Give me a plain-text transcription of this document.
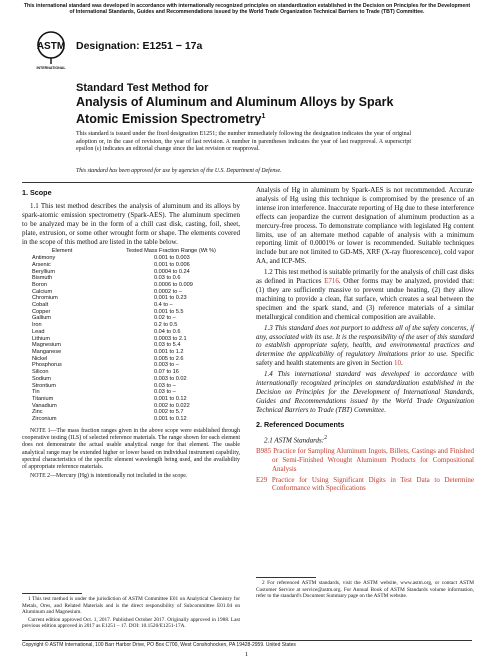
This international standard was developed in accordance with internationally recognized principles on standardization established in the Decision on Principles for the Development of International Standards, Guides and Recommendations issued by the World Trade Organization Technical Barriers to Trade (TBT) Committee.
ASTM
INTERNATIONAL
Designation: E1251 − 17a
Standard Test Method for
Analysis of Aluminum and Aluminum Alloys by Spark Atomic Emission Spectrometry$^1$
This standard is issued under the fixed designation E1251; the number immediately following the designation indicates the year of original adoption or, in the case of revision, the year of last revision. A number in parentheses indicates the year of last reapproval. A superscript epsilon (ε) indicates an editorial change since the last revision or reapproval.
This standard has been approved for use by agencies of the U.S. Department of Defense.
1. Scope

1.1 This test method describes the analysis of aluminum and its alloys by spark-atomic emission spectrometry (Spark-AES). The aluminum specimen to be analyzed may be in the form of a chill cast disk, casting, foil, sheet, plate, extrusion, or some other wrought form or shape. The elements covered in the scope of this method are listed in the table below.

Element	Tested Mass Fraction Range (Wt %)
Antimony	0.001 to 0.003
Arsenic	0.001 to 0.006
Beryllium	0.0004 to 0.24
Bismuth	0.03 to 0.6
Boron	0.0006 to 0.009
Calcium	0.0002 to –
Chromium	0.001 to 0.23
Cobalt	0.4 to –
Copper	0.001 to 5.5
Gallium	0.02 to –
Iron	0.2 to 0.5
Lead	0.04 to 0.6
Lithium	0.0003 to 2.1
Magnesium	0.03 to 5.4
Manganese	0.001 to 1.2
Nickel	0.005 to 2.6
Phosphorus	0.003 to –
Silicon	0.07 to 16
Sodium	0.003 to 0.02
Strontium	0.03 to –
Tin	0.03 to –
Titanium	0.001 to 0.12
Vanadium	0.002 to 0.022
Zinc	0.002 to 5.7
Zirconium	0.001 to 0.12

NOTE 1—The mass fraction ranges given in the above scope were established through cooperative testing (ILS) of selected reference materials. The range shown for each element does not demonstrate the actual usable analytical range for that element. The usable analytical range may be extended higher or lower based on individual instrument capability, spectral characteristics of the specific element wavelength being used, and the availability of appropriate reference materials.

NOTE 2—Mercury (Hg) is intentionally not included in the scope.

Analysis of Hg in aluminum by Spark-AES is not recommended. Accurate analysis of Hg using this technique is compromised by the presence of an intense iron interference. Inaccurate reporting of Hg due to these interference effects can jeopardize the current designation of aluminum production as a mercury-free process. To demonstrate compliance with legislated Hg content limits, use of an alternate method capable of analysis with a minimum reporting limit of 0.0001% or lower is recommended. Suitable techniques include but are not limited to GD-MS, XRF (X-ray fluorescence), cold vapor AA, and ICP-MS.

1.2 This test method is suitable primarily for the analysis of chill cast disks as defined in Practices E716. Other forms may be analyzed, provided that: (1) they are sufficiently massive to prevent undue heating, (2) they allow machining to provide a clean, flat surface, which creates a seal between the specimen and the spark stand, and (3) reference materials of a similar metallurgical condition and chemical composition are available.

1.3 This standard does not purport to address all of the safety concerns, if any, associated with its use. It is the responsibility of the user of this standard to establish appropriate safety, health, and environmental practices and determine the applicability of regulatory limitations prior to use. Specific safety and health statements are given in Section 10.

1.4 This international standard was developed in accordance with internationally recognized principles on standardization established in the Decision on Principles for the Development of International Standards, Guides and Recommendations issued by the World Trade Organization Technical Barriers to Trade (TBT) Committee.

2. Referenced Documents

2.1 ASTM Standards:$^2$

B985 Practice for Sampling Aluminum Ingots, Billets, Castings and Finished or Semi-Finished Wrought Aluminum Products for Compositional Analysis

E29 Practice for Using Significant Digits in Test Data to Determine Conformance with Specifications

1 This test method is under the jurisdiction of ASTM Committee E01 on Analytical Chemistry for Metals, Ores, and Related Materials and is the direct responsibility of Subcommittee E01.04 on Aluminum and Magnesium.

Current edition approved Oct. 1, 2017. Published October 2017. Originally approved in 1988. Last previous edition approved in 2017 as E1251 – 17. DOI: 10.1520/E1251-17A.

2 For referenced ASTM standards, visit the ASTM website, www.astm.org, or contact ASTM Customer Service at service@astm.org. For Annual Book of ASTM Standards volume information, refer to the standard's Document Summary page on the ASTM website.

Copyright © ASTM International, 100 Barr Harbor Drive, PO Box C700, West Conshohocken, PA 19428-2959. United States
1
